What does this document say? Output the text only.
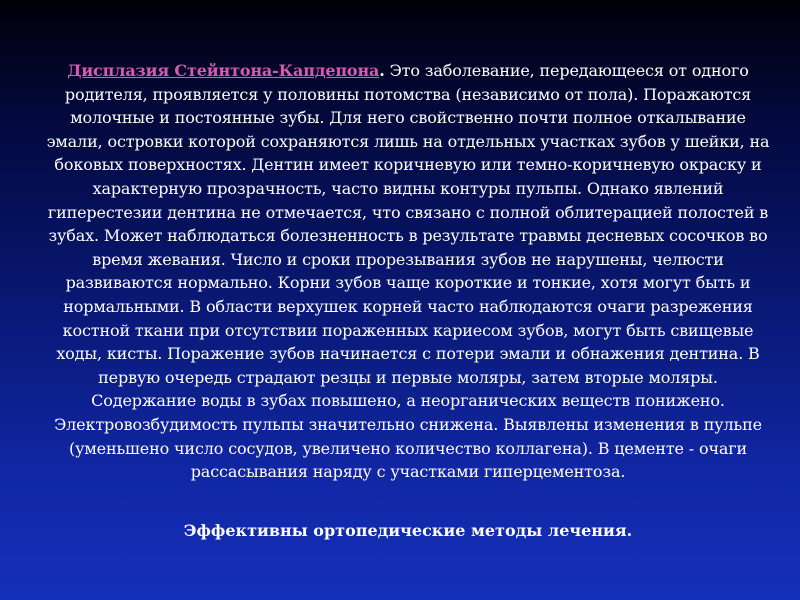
Дисплазия Стейнтона-Капдепона. Это заболевание, передающееся от одного родителя, проявляется у половины потомства (независимо от пола). Поражаются молочные и постоянные зубы. Для него свойственно почти полное откалывание эмали, островки которой сохраняются лишь на отдельных участках зубов у шейки, на боковых поверхностях. Дентин имеет коричневую или темно-коричневую окраску и характерную прозрачность, часто видны контуры пульпы. Однако явлений гиперестезии дентина не отмечается, что связано с полной облитерацией полостей в зубах. Может наблюдаться болезненность в результате травмы десневых сосочков во время жевания. Число и сроки прорезывания зубов не нарушены, челюсти развиваются нормально. Корни зубов чаще короткие и тонкие, хотя могут быть и нормальными. В области верхушек корней часто наблюдаются очаги разрежения костной ткани при отсутствии пораженных кариесом зубов, могут быть свищевые ходы, кисты. Поражение зубов начинается с потери эмали и обнажения дентина. В первую очередь страдают резцы и первые моляры, затем вторые моляры. Содержание воды в зубах повышено, а неорганических веществ понижено. Электровозбудимость пульпы значительно снижена. Выявлены изменения в пульпе (уменьшено число сосудов, увеличено количество коллагена). В цементе - очаги рассасывания наряду с участками гиперцементоза.
Эффективны ортопедические методы лечения.
